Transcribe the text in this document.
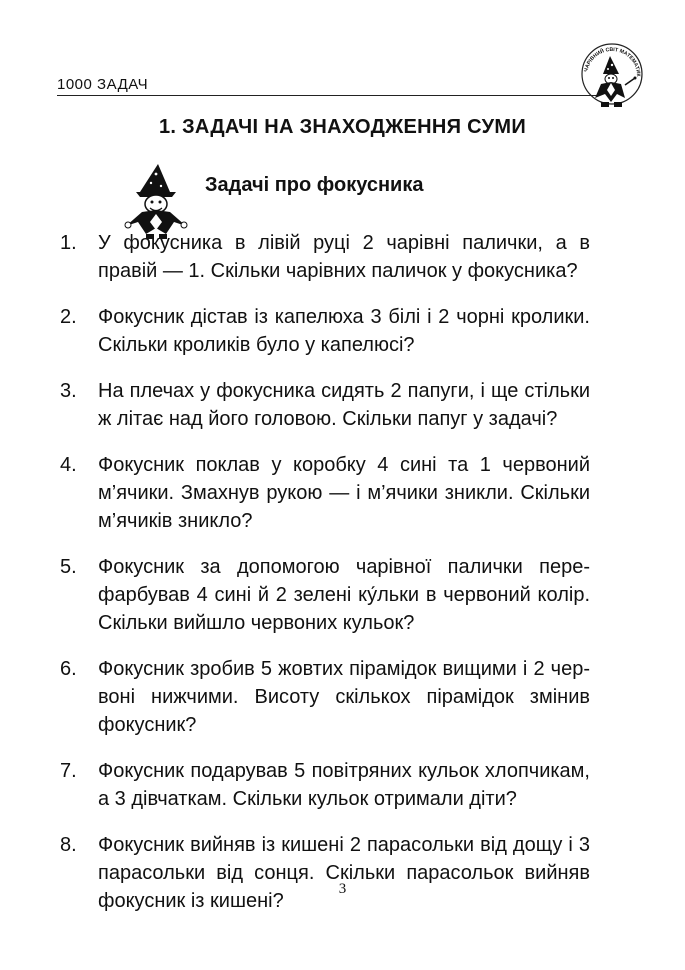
1000 ЗАДАЧ
ЧАРІВНИЙ СВІТ МАТЕМАТИК
1. ЗАДАЧІ НА ЗНАХОДЖЕННЯ СУМИ
Задачі про фокусника
1.	У фокусника в лівій руці 2 чарівні палички, а в правій — 1. Скільки чарівних паличок у фокусника?
2.	Фокусник дістав із капелюха 3 білі і 2 чорні кролики. Скільки кроликів було у капелюсі?
3.	На плечах у фокусника сидять 2 папуги, і ще стільки ж літає над його головою. Скільки папуг у задачі?
4.	Фокусник поклав у коробку 4 сині та 1 червоний м’ячики. Змахнув рукою — і м’ячики зникли. Скільки м’ячиків зникло?
5.	Фокусник за допомогою чарівної палички перефарбував 4 сині й 2 зелені ку́льки в червоний колір. Скільки вийшло червоних кульок?
6.	Фокусник зробив 5 жовтих пірамідок вищими і 2 червоні нижчими. Висоту скількох пірамідок змінив фокусник?
7.	Фокусник подарував 5 повітряних кульок хлопчикам, а 3 дівчаткам. Скільки кульок отримали діти?
8.	Фокусник вийняв із кишені 2 парасольки від дощу і 3 парасольки від сонця. Скільки парасольок вийняв фокусник із кишені?
3
